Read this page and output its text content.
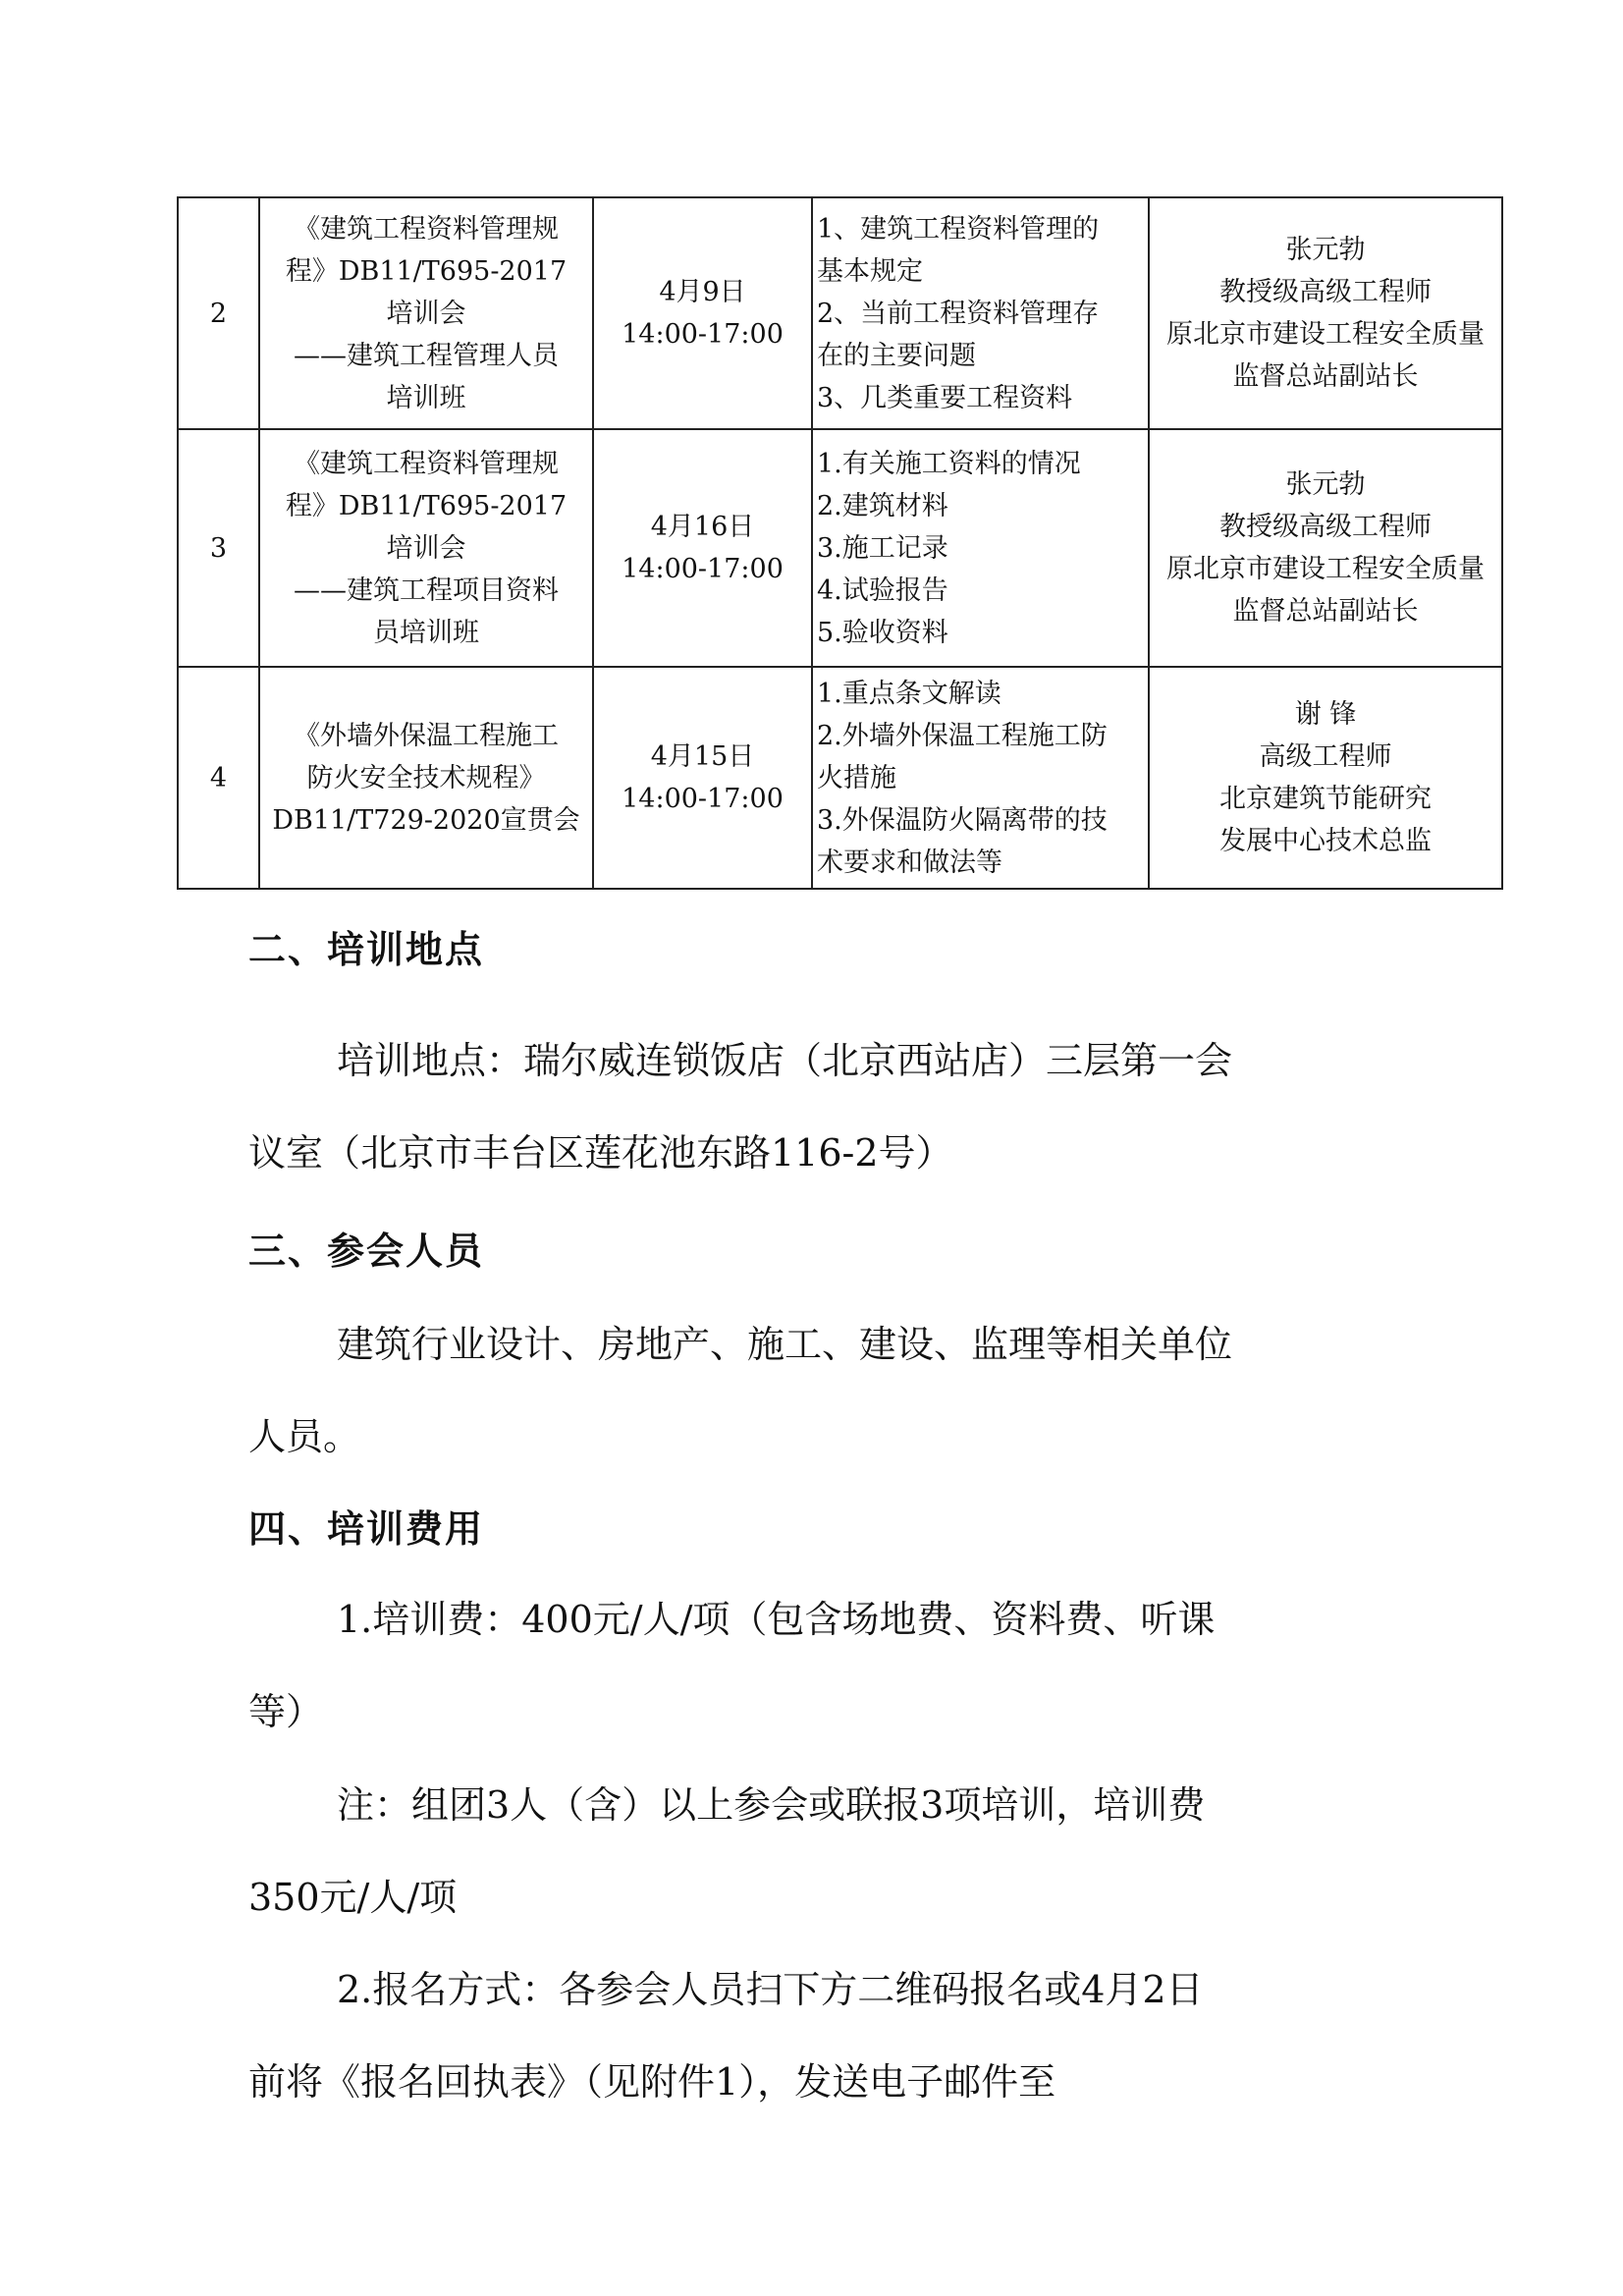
2	《建筑工程资料管理规
程》DB11/T695-2017
培训会
——建筑工程管理人员
培训班	4月9日
14:00-17:00	1、建筑工程资料管理的
基本规定
2、当前工程资料管理存
在的主要问题
3、几类重要工程资料	张元勃
教授级高级工程师
原北京市建设工程安全质量
监督总站副站长

3	《建筑工程资料管理规
程》DB11/T695-2017
培训会
——建筑工程项目资料
员培训班	4月16日
14:00-17:00	1.有关施工资料的情况
2.建筑材料
3.施工记录
4.试验报告
5.验收资料	张元勃
教授级高级工程师
原北京市建设工程安全质量
监督总站副站长

4	《外墙外保温工程施工
防火安全技术规程》
DB11/T729-2020宣贯会	4月15日
14:00-17:00	1.重点条文解读
2.外墙外保温工程施工防
火措施
3.外保温防火隔离带的技
术要求和做法等	谢 锋
高级工程师
北京建筑节能研究
发展中心技术总监
二、培训地点
培训地点：瑞尔威连锁饭店（北京西站店）三层第一会
议室（北京市丰台区莲花池东路116-2号）
三、参会人员
建筑行业设计、房地产、施工、建设、监理等相关单位
人员。
四、培训费用
1.培训费：400元/人/项（包含场地费、资料费、听课
等）
注：组团3人（含）以上参会或联报3项培训，培训费
350元/人/项
2.报名方式：各参会人员扫下方二维码报名或4月2日
前将《报名回执表》（见附件1），发送电子邮件至
